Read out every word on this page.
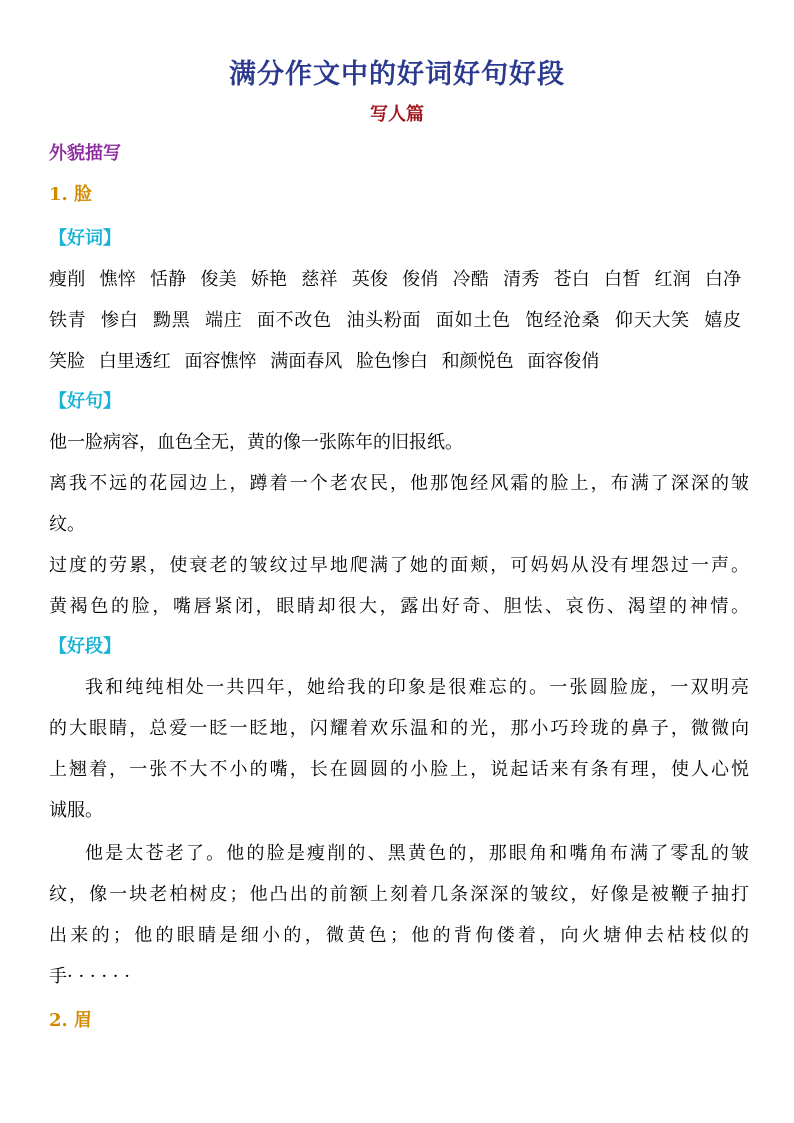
满分作文中的好词好句好段
写人篇
外貌描写
1. 脸
【好词】
瘦削 憔悴 恬静 俊美 娇艳 慈祥 英俊 俊俏 冷酷 清秀 苍白 白皙 红润 白净
铁青 惨白 黝黑 端庄 面不改色 油头粉面 面如土色 饱经沧桑 仰天大笑 嬉皮
笑脸 白里透红 面容憔悴 满面春风 脸色惨白 和颜悦色 面容俊俏
【好句】
他一脸病容，血色全无，黄的像一张陈年的旧报纸。
离我不远的花园边上，蹲着一个老农民，他那饱经风霜的脸上，布满了深深的皱
纹。
过度的劳累，使衰老的皱纹过早地爬满了她的面颊，可妈妈从没有埋怨过一声。
黄褐色的脸，嘴唇紧闭，眼睛却很大，露出好奇、胆怯、哀伤、渴望的神情。
【好段】
我和纯纯相处一共四年，她给我的印象是很难忘的。一张圆脸庞，一双明亮
的大眼睛，总爱一眨一眨地，闪耀着欢乐温和的光，那小巧玲珑的鼻子，微微向
上翘着，一张不大不小的嘴，长在圆圆的小脸上，说起话来有条有理，使人心悦
诚服。
他是太苍老了。他的脸是瘦削的、黑黄色的，那眼角和嘴角布满了零乱的皱
纹，像一块老柏树皮；他凸出的前额上刻着几条深深的皱纹，好像是被鞭子抽打
出来的；他的眼睛是细小的，微黄色；他的背佝偻着，向火塘伸去枯枝似的
手· · · · · ·
2. 眉
